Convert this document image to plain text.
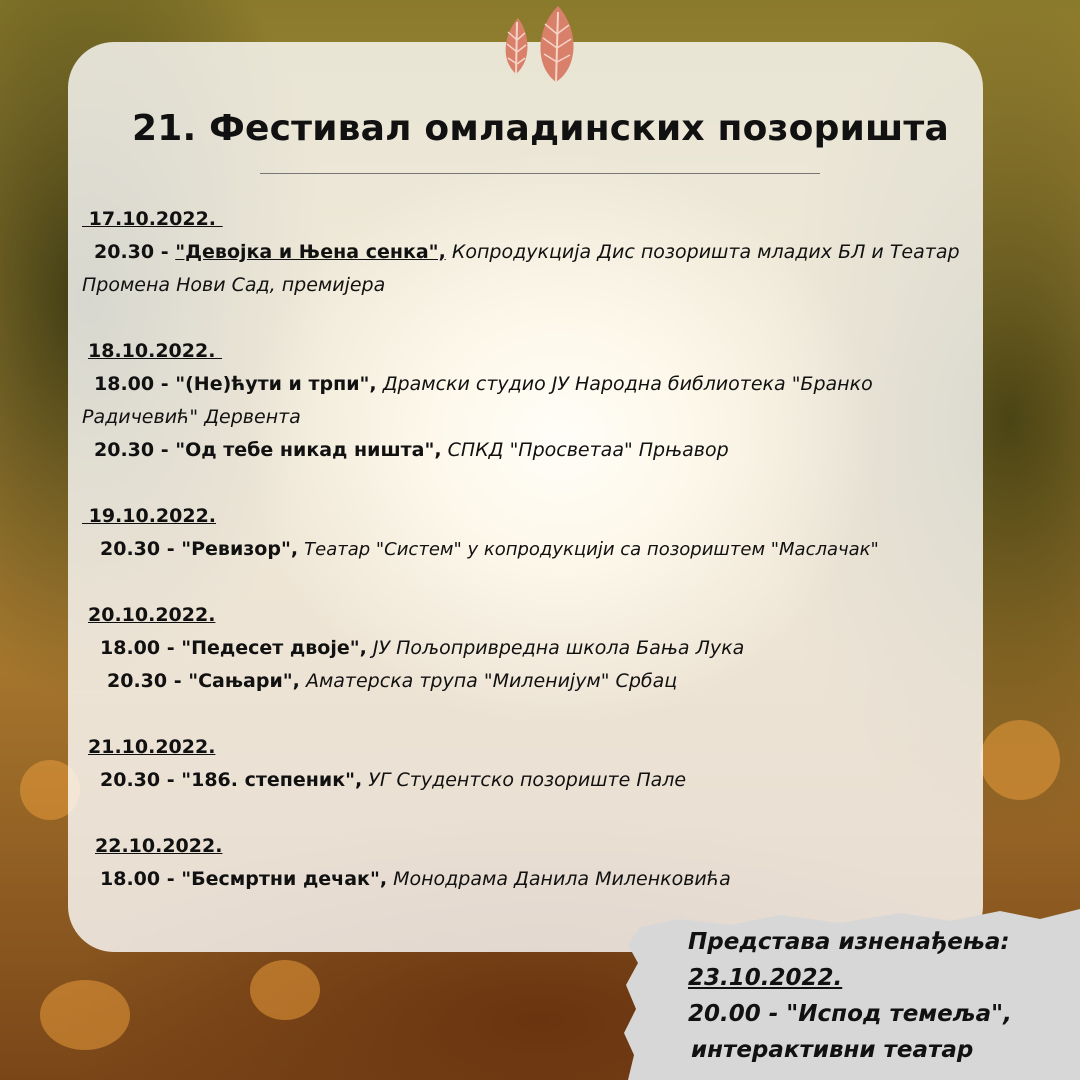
21. Фестивал омладинских позоришта
17.10.2022.
20.30 - "Девојка и Њена сенка", Копродукција Дис позоришта младих БЛ и Театар Промена Нови Сад, премијера
18.10.2022.
18.00 - "(Не)ћути и трпи", Драмски студио ЈУ Народна библиотека "Бранко Радичевић" Дервента
20.30 - "Од тебе никад ништа", СПКД "Просветаа" Прњавор
19.10.2022.
20.30 - "Ревизор", Театар "Систем" у копродукцији са позориштем "Маслачак"
20.10.2022.
18.00 - "Педесет двоје", ЈУ Пољопривредна школа Бања Лука
20.30 - "Сањари", Аматерска трупа "Миленијум" Србац
21.10.2022.
20.30 - "186. степеник", УГ Студентско позориште Пале
22.10.2022.
18.00 - "Бесмртни дечак", Монодрама Данила Миленковића
Представа изненађења:
23.10.2022.
20.00 - "Испод темеља",
интерактивни театар
